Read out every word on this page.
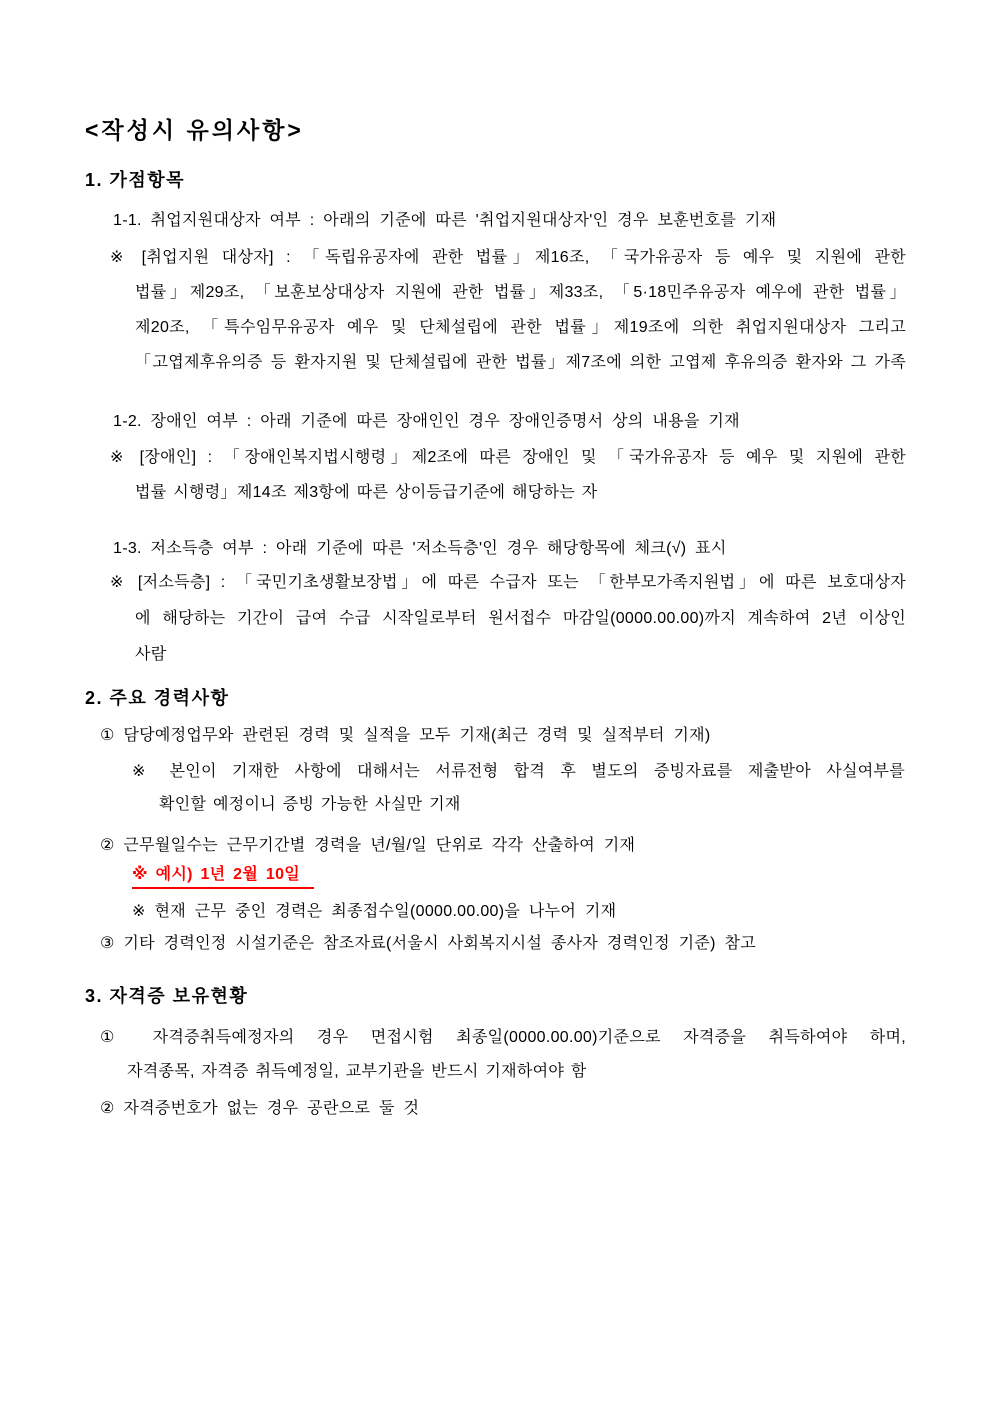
<작성시 유의사항>
1. 가점항목
1-1. 취업지원대상자 여부 : 아래의 기준에 따른 '취업지원대상자'인 경우 보훈번호를 기재
※ [취업지원 대상자] : 「독립유공자에 관한 법률」제16조, 「국가유공자 등 예우 및 지원에 관한
법률」제29조, 「보훈보상대상자 지원에 관한 법률」제33조, 「5·18민주유공자 예우에 관한 법률」
제20조, 「특수임무유공자 예우 및 단체설립에 관한 법률」제19조에 의한 취업지원대상자 그리고
「고엽제후유의증 등 환자지원 및 단체설립에 관한 법률」제7조에 의한 고엽제 후유의증 환자와 그 가족
1-2. 장애인 여부 : 아래 기준에 따른 장애인인 경우 장애인증명서 상의 내용을 기재
※ [장애인] : 「장애인복지법시행령」제2조에 따른 장애인 및 「국가유공자 등 예우 및 지원에 관한
법률 시행령」제14조 제3항에 따른 상이등급기준에 해당하는 자
1-3. 저소득층 여부 : 아래 기준에 따른 '저소득층'인 경우 해당항목에 체크(√) 표시
※ [저소득층] : 「국민기초생활보장법」에 따른 수급자 또는 「한부모가족지원법」에 따른 보호대상자
에 해당하는 기간이 급여 수급 시작일로부터 원서접수 마감일(0000.00.00)까지 계속하여 2년 이상인
사람
2. 주요 경력사항
① 담당예정업무와 관련된 경력 및 실적을 모두 기재(최근 경력 및 실적부터 기재)
※ 본인이 기재한 사항에 대해서는 서류전형 합격 후 별도의 증빙자료를 제출받아 사실여부를
확인할 예정이니 증빙 가능한 사실만 기재
② 근무월일수는 근무기간별 경력을 년/월/일 단위로 각각 산출하여 기재
※ 예시) 1년 2월 10일
※ 현재 근무 중인 경력은 최종접수일(0000.00.00)을 나누어 기재
③ 기타 경력인정 시설기준은 참조자료(서울시 사회복지시설 종사자 경력인정 기준) 참고
3. 자격증 보유현황
① 자격증취득예정자의 경우 면접시험 최종일(0000.00.00)기준으로 자격증을 취득하여야 하며,
자격종목, 자격증 취득예정일, 교부기관을 반드시 기재하여야 함
② 자격증번호가 없는 경우 공란으로 둘 것
